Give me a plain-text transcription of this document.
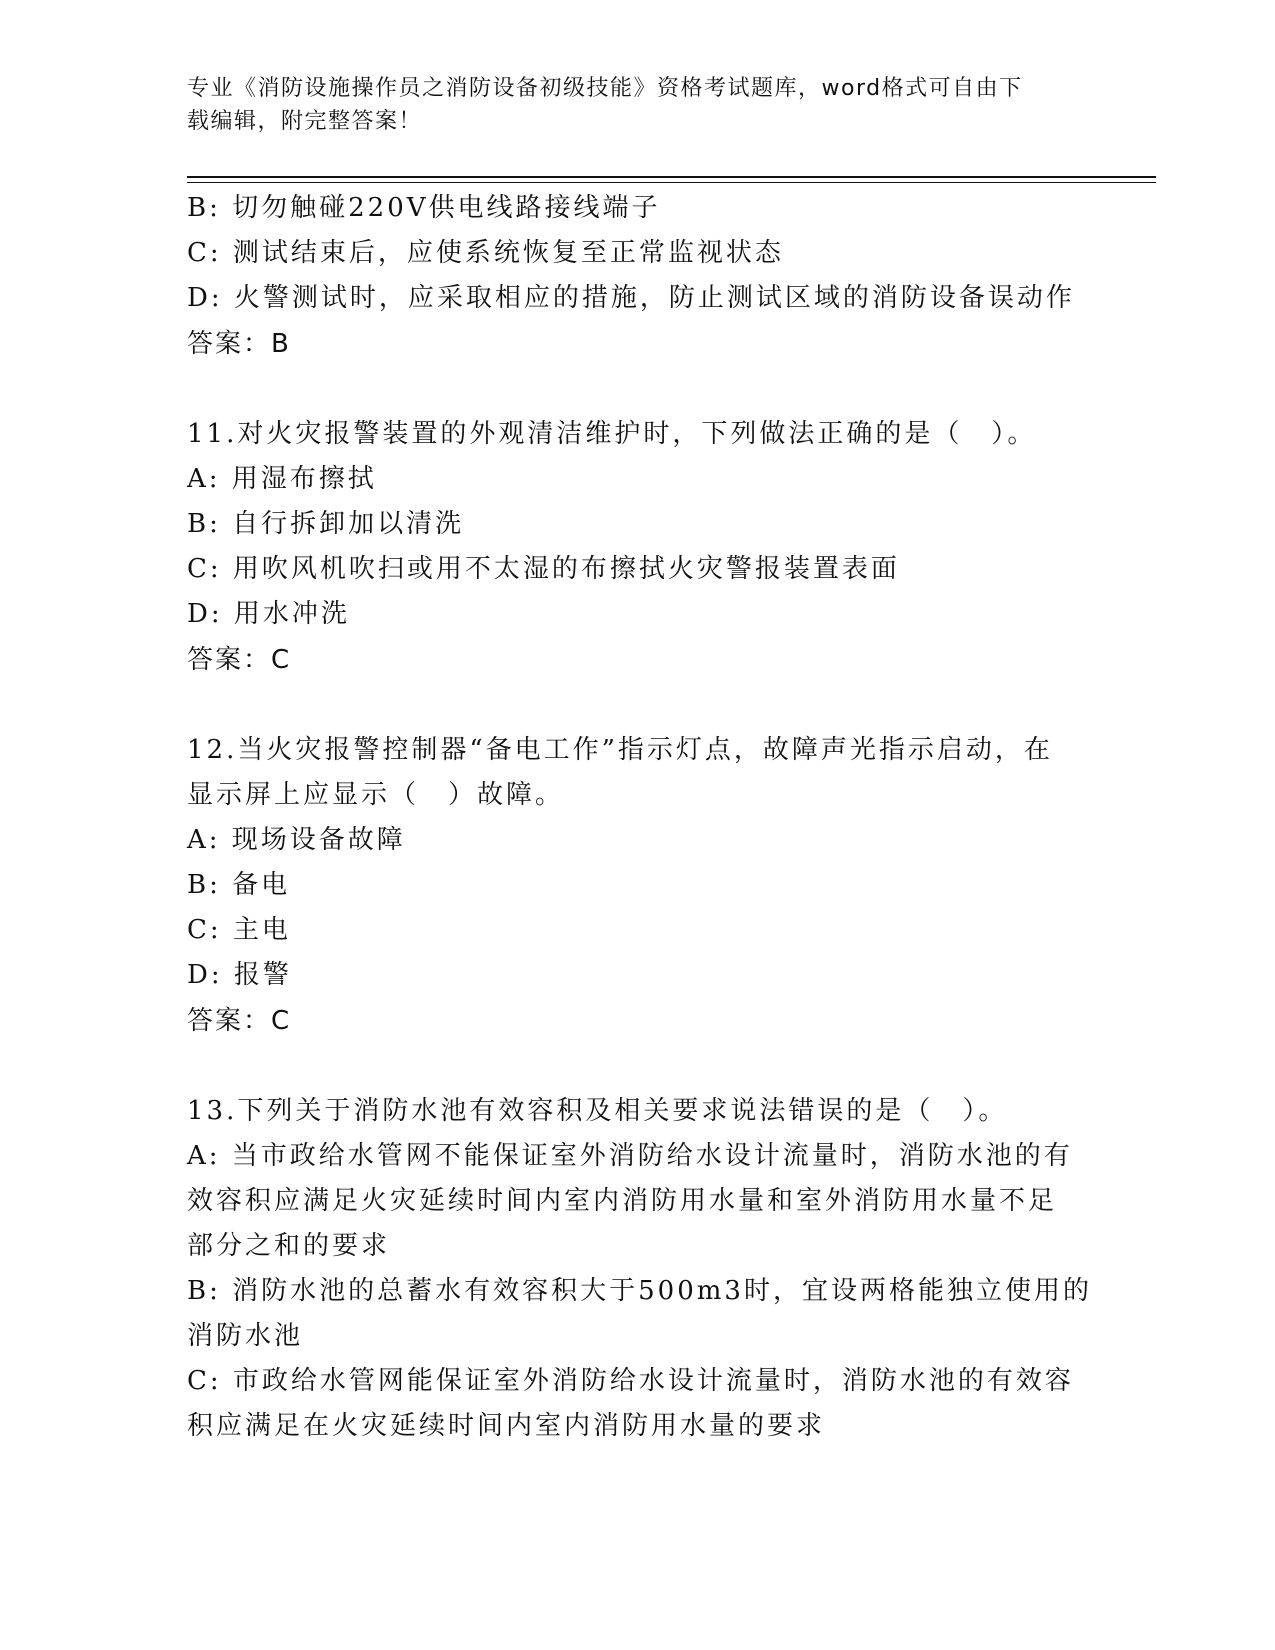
专业《消防设施操作员之消防设备初级技能》资格考试题库，word格式可自由下
载编辑，附完整答案！
B: 切勿触碰220V供电线路接线端子
C: 测试结束后，应使系统恢复至正常监视状态
D: 火警测试时，应采取相应的措施，防止测试区域的消防设备误动作
答案：B
11.对火灾报警装置的外观清洁维护时，下列做法正确的是（　）。
A: 用湿布擦拭
B: 自行拆卸加以清洗
C: 用吹风机吹扫或用不太湿的布擦拭火灾警报装置表面
D: 用水冲洗
答案：C
12.当火灾报警控制器“备电工作”指示灯点，故障声光指示启动，在
显示屏上应显示（　）故障。
A: 现场设备故障
B: 备电
C: 主电
D: 报警
答案：C
13.下列关于消防水池有效容积及相关要求说法错误的是（　）。
A: 当市政给水管网不能保证室外消防给水设计流量时，消防水池的有
效容积应满足火灾延续时间内室内消防用水量和室外消防用水量不足
部分之和的要求
B: 消防水池的总蓄水有效容积大于500m3时，宜设两格能独立使用的
消防水池
C: 市政给水管网能保证室外消防给水设计流量时，消防水池的有效容
积应满足在火灾延续时间内室内消防用水量的要求
